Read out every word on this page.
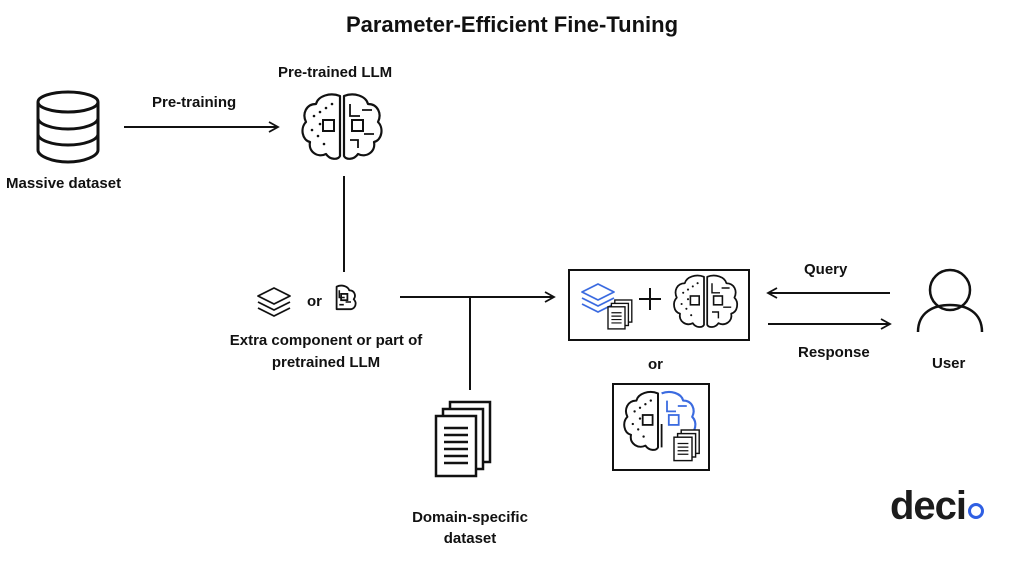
Parameter-Efficient Fine-Tuning
Massive dataset
Pre-training
Pre-trained LLM
or
Extra component or part of
pretrained LLM	or
Domain-specific
dataset
Query
Response
User
deci
